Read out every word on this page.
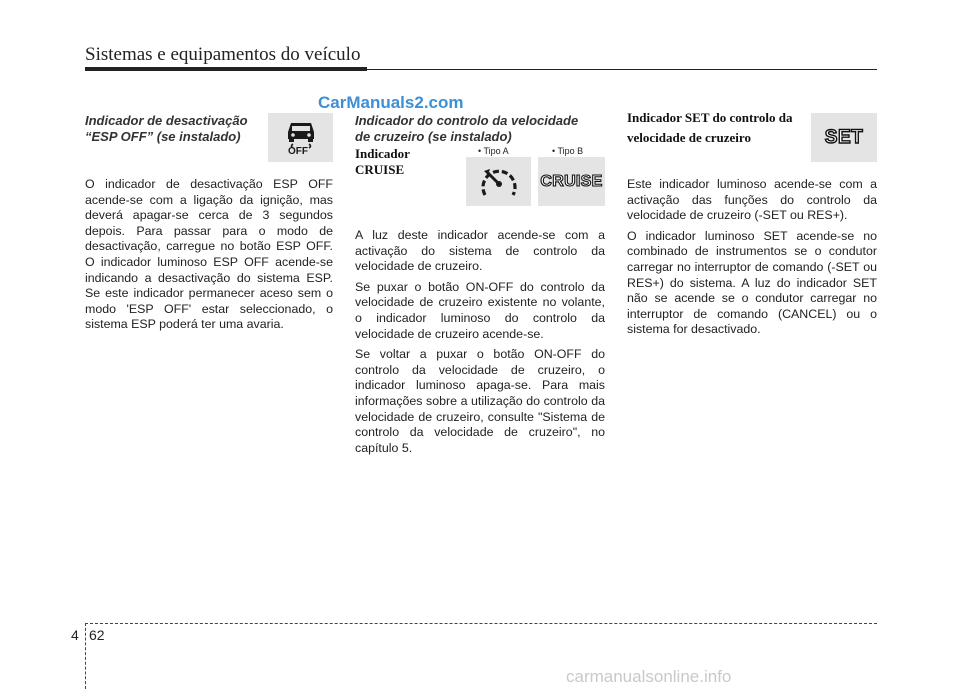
Sistemas e equipamentos do veículo
CarManuals2.com
Indicador de desactivação
“ESP OFF” (se instalado)
OFF

O indicador de desactivação ESP OFF acende-se com a ligação da ignição, mas deverá apagar-se cerca de 3 segundos depois. Para passar para o modo de desactivação, carregue no botão ESP OFF. O indicador luminoso ESP OFF acende-se indicando a desactivação do sistema ESP. Se este indicador permanecer aceso sem o modo 'ESP OFF' estar seleccionado, o sistema ESP poderá ter uma avaria.

Indicador do controlo da velocidade
de cruzeiro (se instalado)
Indicador
CRUISE
• Tipo A	• Tipo B
CRUISE

A luz deste indicador acende-se com a activação do sistema de controlo da velocidade de cruzeiro.

Se puxar o botão ON-OFF do controlo da velocidade de cruzeiro existente no volante, o indicador luminoso do controlo da velocidade de cruzeiro acende-se.

Se voltar a puxar o botão ON-OFF do controlo da velocidade de cruzeiro, o indicador luminoso apaga-se. Para mais informações sobre a utilização do controlo da velocidade de cruzeiro, consulte "Sistema de controlo da velocidade de cruzeiro", no capítulo 5.

Indicador SET do controlo da
velocidade de cruzeiro	SET

Este indicador luminoso acende-se com a activação das funções do controlo da velocidade de cruzeiro (-SET ou RES+).

O indicador luminoso SET acende-se no combinado de instrumentos se o condutor carregar no interruptor de comando (-SET ou RES+) do sistema. A luz do indicador SET não se acende se o condutor carregar no interruptor de comando (CANCEL) ou o sistema for desactivado.

4 62
carmanualsonline.info
